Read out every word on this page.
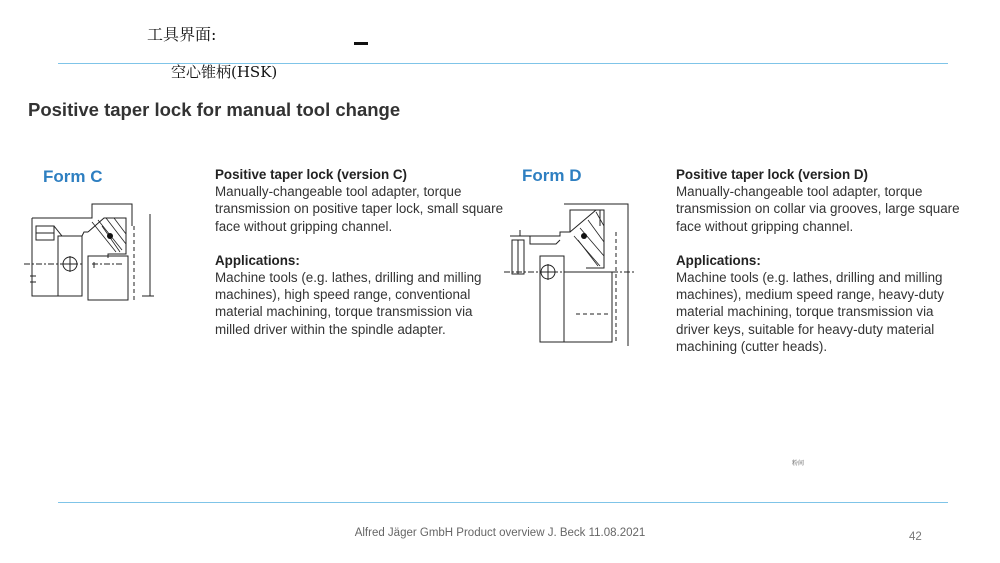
工具界面:
空心锥柄(HSK)
Positive taper lock for manual tool change
Form C	Positive taper lock (version C)

Manually-changeable tool adapter, torque transmission on positive taper lock, small square face without gripping channel.

Applications:

Machine tools (e.g. lathes, drilling and milling machines), high speed range, conventional material machining, torque transmission via milled driver within the spindle adapter.

Form D	Positive taper lock (version D)

Manually-changeable tool adapter, torque transmission on collar via grooves, large square face without gripping channel.

Applications:

Machine tools (e.g. lathes, drilling and milling machines), medium speed range, heavy-duty material machining, torque transmission via driver keys, suitable for heavy-duty material machining (cutter heads).

粉间
Alfred Jäger GmbH Product overview J. Beck 11.08.2021	42
